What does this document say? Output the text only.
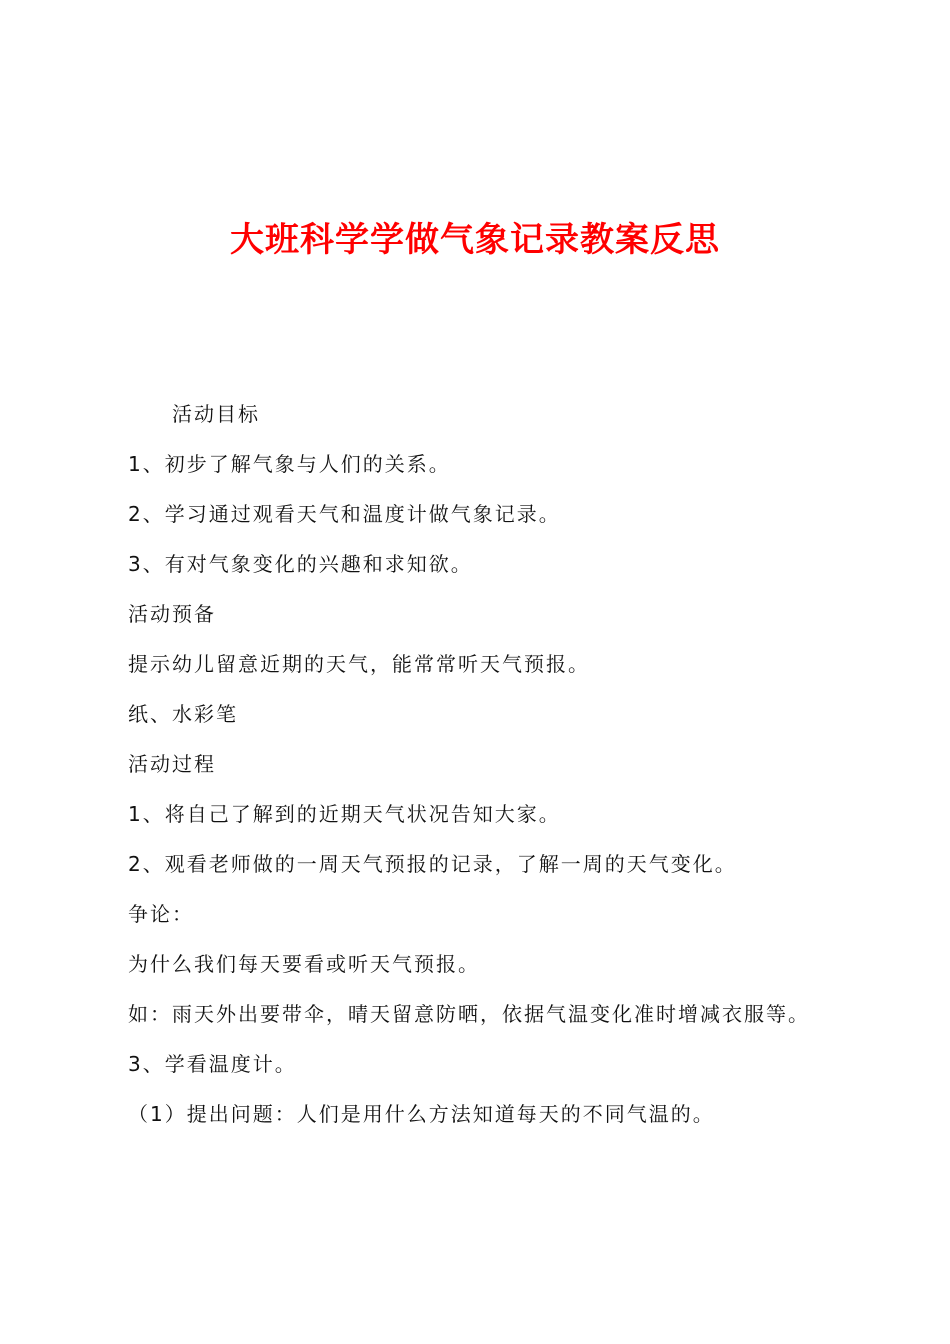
大班科学学做气象记录教案反思
活动目标
1、初步了解气象与人们的关系。
2、学习通过观看天气和温度计做气象记录。
3、有对气象变化的兴趣和求知欲。
活动预备
提示幼儿留意近期的天气，能常常听天气预报。
纸、水彩笔
活动过程
1、将自己了解到的近期天气状况告知大家。
2、观看老师做的一周天气预报的记录，了解一周的天气变化。
争论：
为什么我们每天要看或听天气预报。
如：雨天外出要带伞，晴天留意防晒，依据气温变化准时增减衣服等。
3、学看温度计。
（1）提出问题：人们是用什么方法知道每天的不同气温的。
